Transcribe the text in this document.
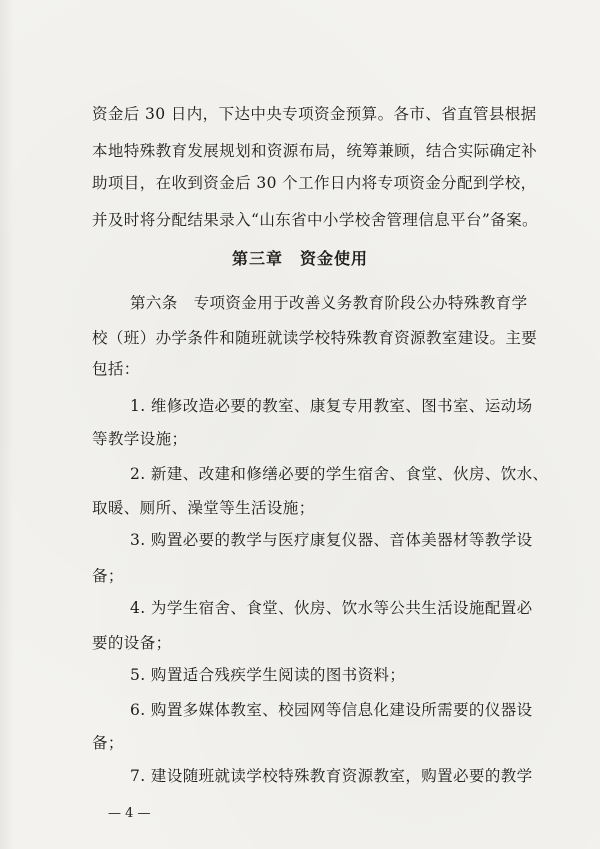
资金后 30 日内，下达中央专项资金预算。各市、省直管县根据
本地特殊教育发展规划和资源布局，统筹兼顾，结合实际确定补
助项目，在收到资金后 30 个工作日内将专项资金分配到学校，
并及时将分配结果录入“山东省中小学校舍管理信息平台”备案。
第三章　资金使用
第六条　专项资金用于改善义务教育阶段公办特殊教育学
校（班）办学条件和随班就读学校特殊教育资源教室建设。主要
包括：
1. 维修改造必要的教室、康复专用教室、图书室、运动场
等教学设施；
2. 新建、改建和修缮必要的学生宿舍、食堂、伙房、饮水、
取暖、厕所、澡堂等生活设施；
3. 购置必要的教学与医疗康复仪器、音体美器材等教学设
备；
4. 为学生宿舍、食堂、伙房、饮水等公共生活设施配置必
要的设备；
5. 购置适合残疾学生阅读的图书资料；
6. 购置多媒体教室、校园网等信息化建设所需要的仪器设
备；
7. 建设随班就读学校特殊教育资源教室，购置必要的教学
— 4 —
